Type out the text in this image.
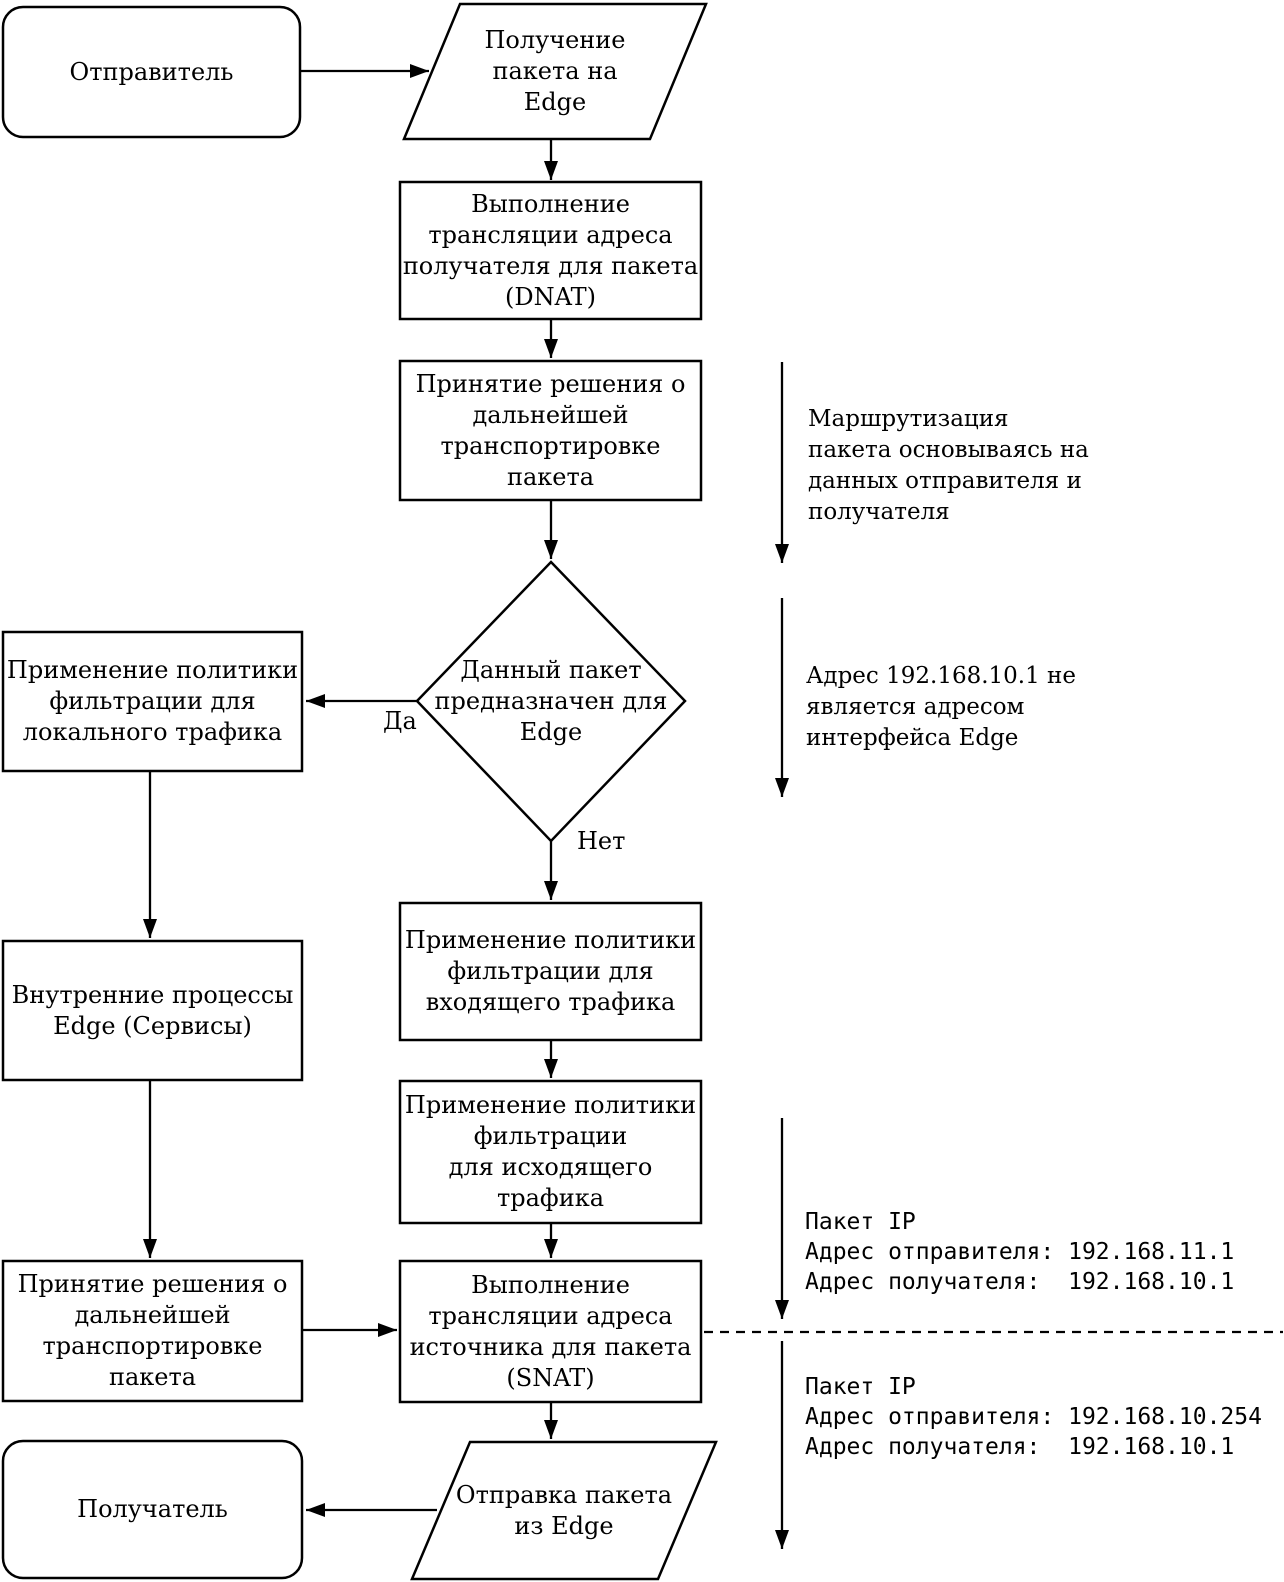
Отправитель
Получение
пакета на
Edge
Выполнение
трансляции адреса
получателя для пакета
(DNAT)
Принятие решения о
дальнейшей
транспортировке
пакета
Данный пакет
предназначен для
Edge
Применение политики
фильтрации для
локального трафика
Внутренние процессы
Edge (Сервисы)
Принятие решения о
дальнейшей
транспортировке
пакета
Применение политики
фильтрации для
входящего трафика
Применение политики
фильтрации
для исходящего
трафика
Выполнение
трансляции адреса
источника для пакета
(SNAT)
Отправка пакета
из Edge
Получатель
Да
Нет
Маршрутизация
пакета основываясь на
данных отправителя и
получателя
Адрес 192.168.10.1 не
является адресом
интерфейса Edge
Пакет IP
Адрес отправителя: 192.168.11.1
Адрес получателя:  192.168.10.1
Пакет IP
Адрес отправителя: 192.168.10.254
Адрес получателя:  192.168.10.1
